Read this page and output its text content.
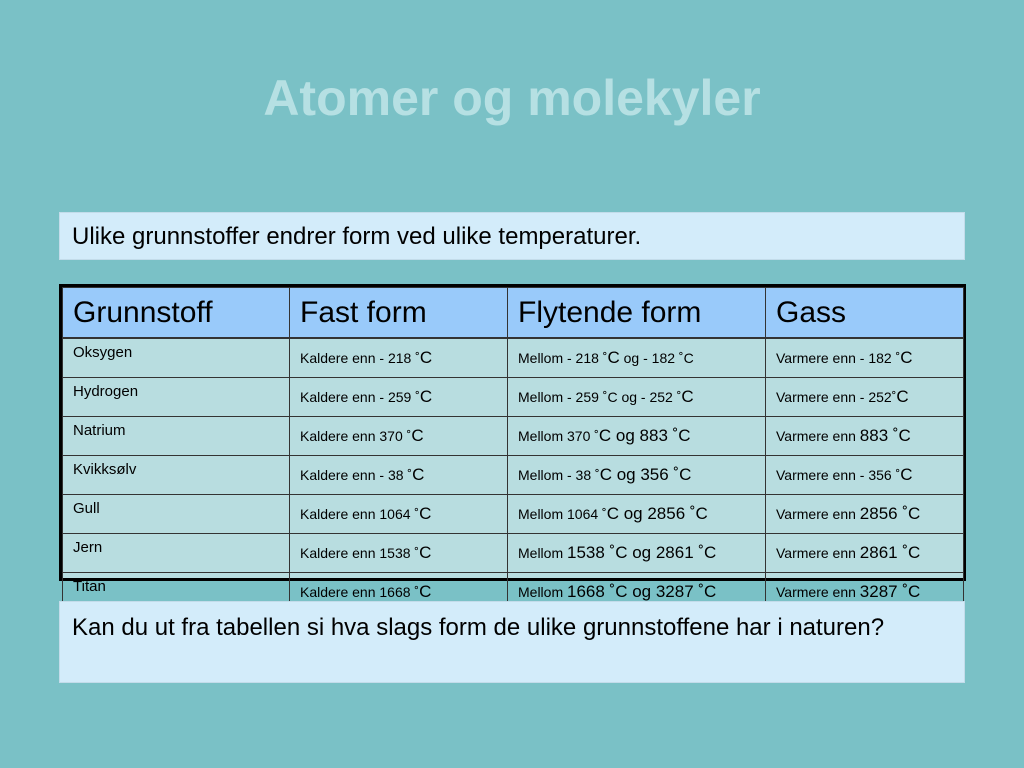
Atomer og molekyler
Ulike grunnstoffer endrer form ved ulike temperaturer.
Grunnstoff	Fast form	Flytende form	Gass
Oksygen	Kaldere enn - 218 ˚C	Mellom - 218 ˚C og - 182 ˚C	Varmere enn - 182 ˚C
Hydrogen	Kaldere enn - 259 ˚C	Mellom - 259 ˚C og - 252 ˚C	Varmere enn - 252˚C
Natrium	Kaldere enn 370 ˚C	Mellom 370 ˚C og 883 ˚C	Varmere enn 883 ˚C
Kvikksølv	Kaldere enn - 38 ˚C	Mellom - 38 ˚C og 356 ˚C	Varmere enn - 356 ˚C
Gull	Kaldere enn 1064 ˚C	Mellom 1064 ˚C og 2856 ˚C	Varmere enn 2856 ˚C
Jern	Kaldere enn 1538 ˚C	Mellom 1538 ˚C og 2861 ˚C	Varmere enn 2861 ˚C
Titan	Kaldere enn 1668 ˚C	Mellom 1668 ˚C og 3287 ˚C	Varmere enn 3287 ˚C
Kan du ut fra tabellen si hva slags form de ulike grunnstoffene har i naturen?
